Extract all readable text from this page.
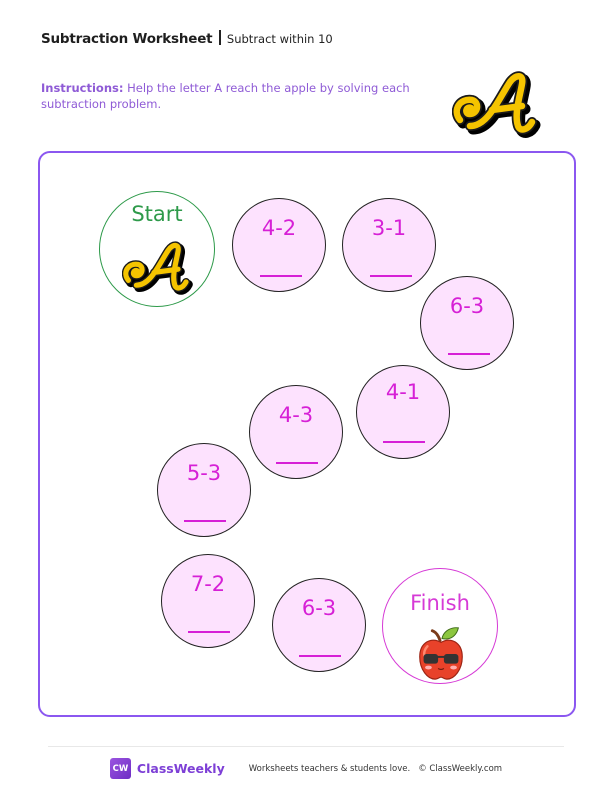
Subtraction Worksheet Subtract within 10
Instructions: Help the letter A reach the apple by solving each subtraction problem.
Start
4-2	3-1
6-3
4-1
4-3
5-3
7-2
6-3	Finish
CW ClassWeekly	Worksheets teachers & students love. © ClassWeekly.com
